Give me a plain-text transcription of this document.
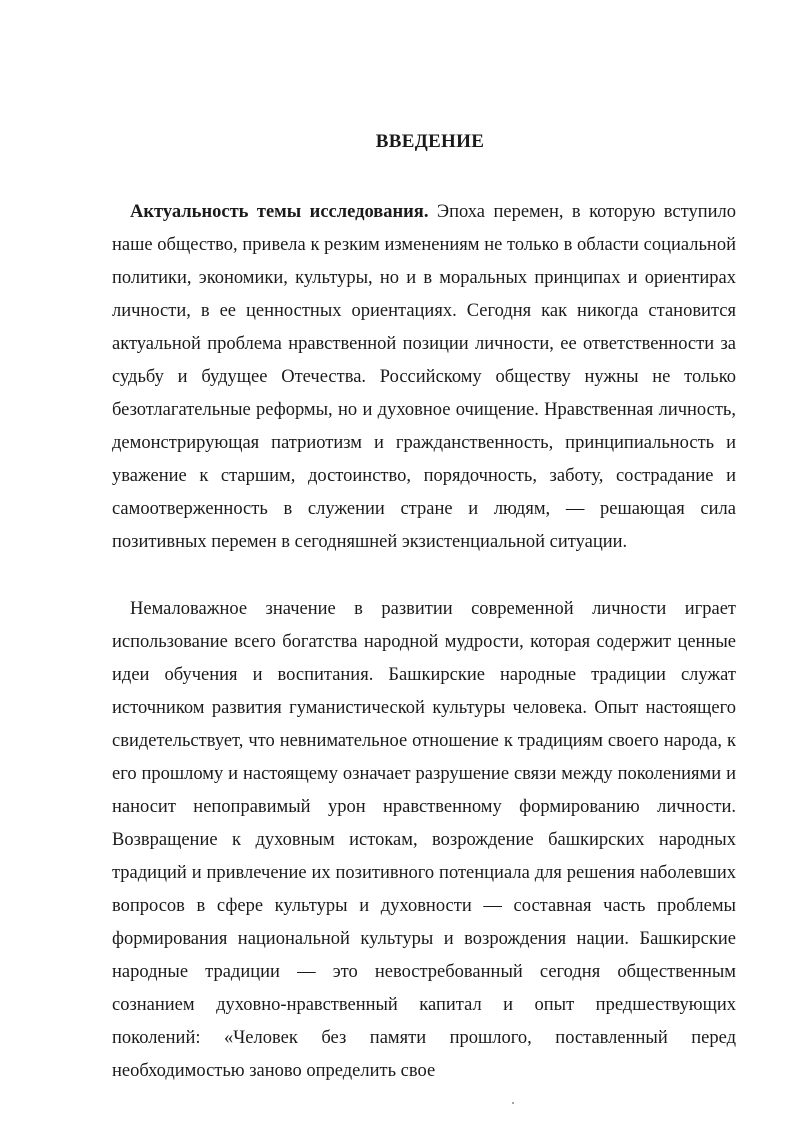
ВВЕДЕНИЕ

Актуальность темы исследования. Эпоха перемен, в которую вступило наше общество, привела к резким изменениям не только в области социальной политики, экономики, культуры, но и в моральных принципах и ориентирах личности, в ее ценностных ориентациях. Сегодня как никогда становится актуальной проблема нравственной позиции личности, ее ответственности за судьбу и будущее Отечества. Российскому обществу нужны не только безотлагательные реформы, но и духовное очищение. Нравственная личность, демонстрирующая патриотизм и гражданственность, принципиальность и уважение к старшим, достоинство, порядочность, заботу, сострадание и самоотверженность в служении стране и людям, — решающая сила позитивных перемен в сегодняшней экзистенциальной ситуации.

Немаловажное значение в развитии современной личности играет использование всего богатства народной мудрости, которая содержит ценные идеи обучения и воспитания. Башкирские народные традиции служат источником развития гуманистической культуры человека. Опыт настоящего свидетельствует, что невнимательное отношение к традициям своего народа, к его прошлому и настоящему означает разрушение связи между поколениями и наносит непоправимый урон нравственному формированию личности. Возвращение к духовным истокам, возрождение башкирских народных традиций и привлечение их позитивного потенциала для решения наболевших вопросов в сфере культуры и духовности — составная часть проблемы формирования национальной культуры и возрождения нации. Башкирские народные традиции — это невостребованный сегодня общественным сознанием духовно-нравственный капитал и опыт предшествующих поколений: «Человек без памяти прошлого, поставленный перед необходимостью заново определить свое
